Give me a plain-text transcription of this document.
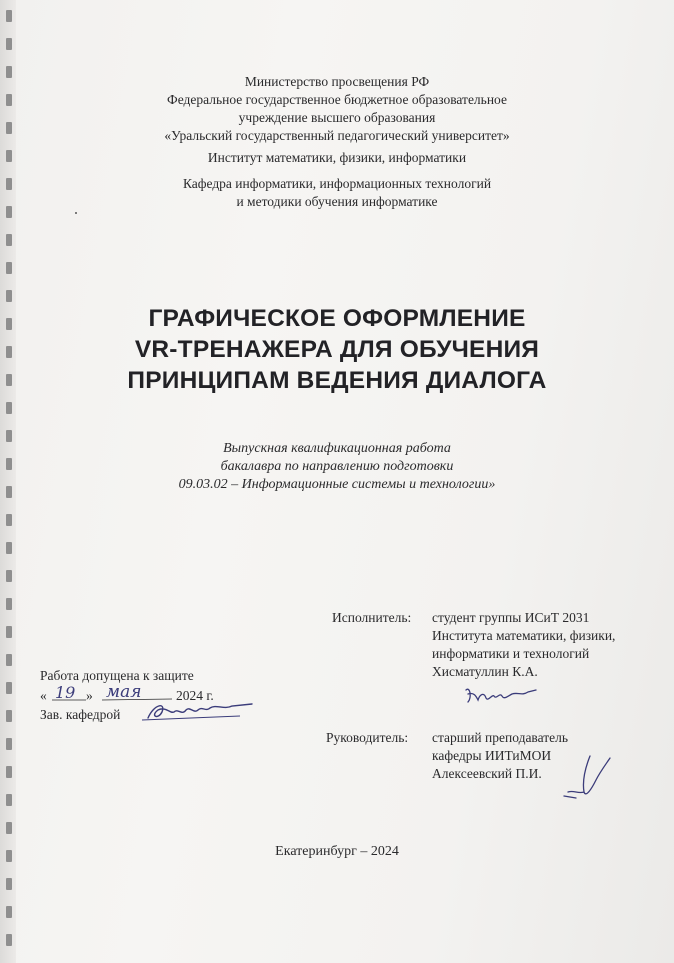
Министерство просвещения РФ
Федеральное государственное бюджетное образовательное
учреждение высшего образования
«Уральский государственный педагогический университет»
Институт математики, физики, информатики
Кафедра информатики, информационных технологий
и методики обучения информатике
ГРАФИЧЕСКОЕ ОФОРМЛЕНИЕ
VR-ТРЕНАЖЕРА ДЛЯ ОБУЧЕНИЯ
ПРИНЦИПАМ ВЕДЕНИЯ ДИАЛОГА
Выпускная квалификационная работа
бакалавра по направлению подготовки
09.03.02 – Информационные системы и технологии»
Исполнитель: студент группы ИСиТ 2031
Института математики, физики,
информатики и технологий
Хисматуллин К.А.
Работа допущена к защите
« 19 » мая	2024 г.
Зав. кафедрой
Руководитель: старший преподаватель
кафедры ИИТиМОИ
Алексеевский П.И.
Екатеринбург – 2024
